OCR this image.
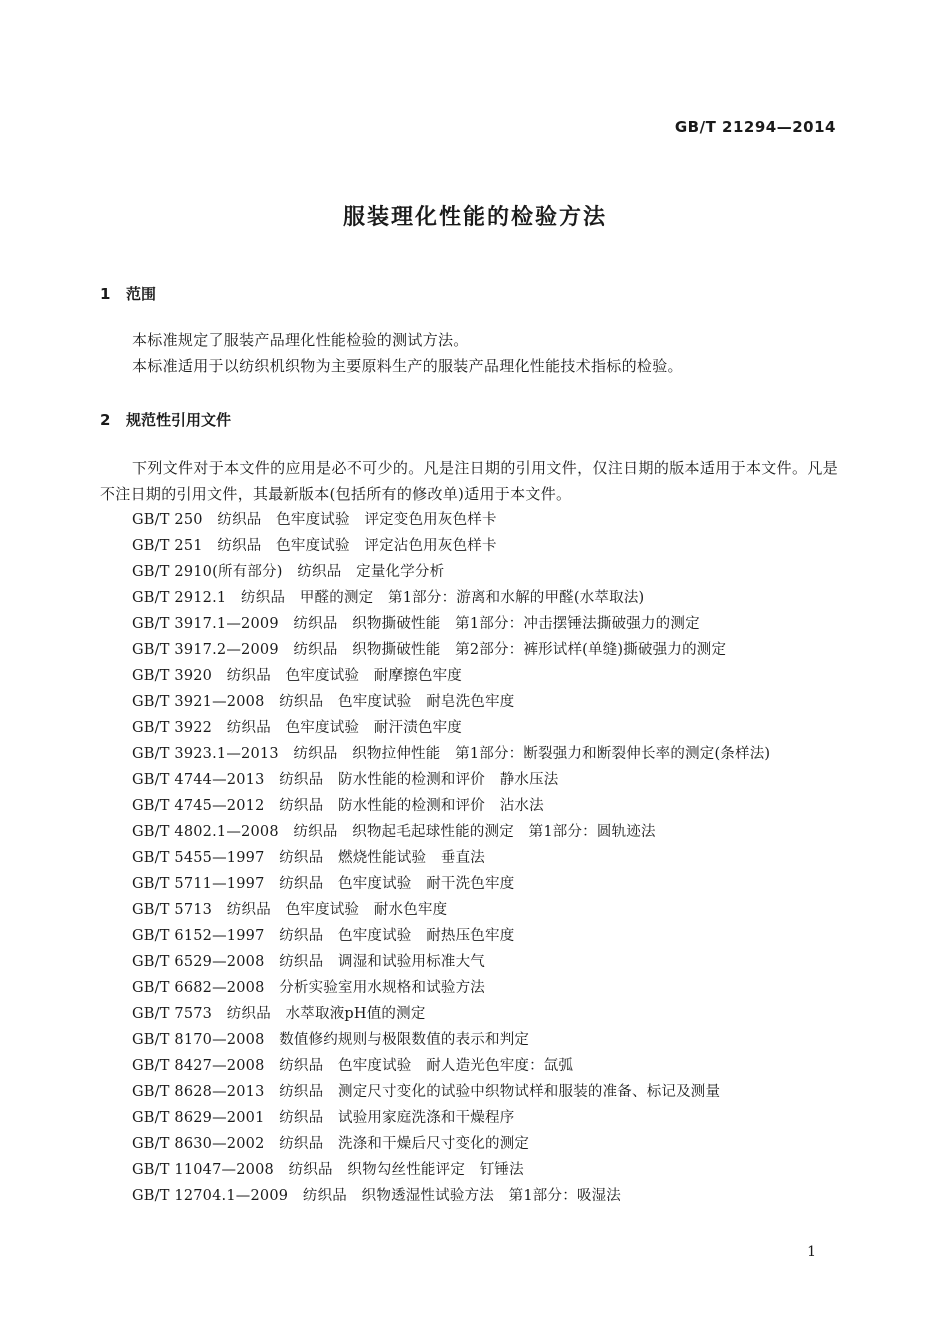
GB/T 21294—2014
服装理化性能的检验方法
1 范围
本标准规定了服装产品理化性能检验的测试方法。
本标准适用于以纺织机织物为主要原料生产的服装产品理化性能技术指标的检验。
2 规范性引用文件
下列文件对于本文件的应用是必不可少的。凡是注日期的引用文件，仅注日期的版本适用于本文件。凡是不注日期的引用文件，其最新版本(包括所有的修改单)适用于本文件。
GB/T 250　纺织品　色牢度试验　评定变色用灰色样卡
GB/T 251　纺织品　色牢度试验　评定沾色用灰色样卡
GB/T 2910(所有部分)　纺织品　定量化学分析
GB/T 2912.1　纺织品　甲醛的测定　第1部分：游离和水解的甲醛(水萃取法)
GB/T 3917.1—2009　纺织品　织物撕破性能　第1部分：冲击摆锤法撕破强力的测定
GB/T 3917.2—2009　纺织品　织物撕破性能　第2部分：裤形试样(单缝)撕破强力的测定
GB/T 3920　纺织品　色牢度试验　耐摩擦色牢度
GB/T 3921—2008　纺织品　色牢度试验　耐皂洗色牢度
GB/T 3922　纺织品　色牢度试验　耐汗渍色牢度
GB/T 3923.1—2013　纺织品　织物拉伸性能　第1部分：断裂强力和断裂伸长率的测定(条样法)
GB/T 4744—2013　纺织品　防水性能的检测和评价　静水压法
GB/T 4745—2012　纺织品　防水性能的检测和评价　沾水法
GB/T 4802.1—2008　纺织品　织物起毛起球性能的测定　第1部分：圆轨迹法
GB/T 5455—1997　纺织品　燃烧性能试验　垂直法
GB/T 5711—1997　纺织品　色牢度试验　耐干洗色牢度
GB/T 5713　纺织品　色牢度试验　耐水色牢度
GB/T 6152—1997　纺织品　色牢度试验　耐热压色牢度
GB/T 6529—2008　纺织品　调湿和试验用标准大气
GB/T 6682—2008　分析实验室用水规格和试验方法
GB/T 7573　纺织品　水萃取液pH值的测定
GB/T 8170—2008　数值修约规则与极限数值的表示和判定
GB/T 8427—2008　纺织品　色牢度试验　耐人造光色牢度：氙弧
GB/T 8628—2013　纺织品　测定尺寸变化的试验中织物试样和服装的准备、标记及测量
GB/T 8629—2001　纺织品　试验用家庭洗涤和干燥程序
GB/T 8630—2002　纺织品　洗涤和干燥后尺寸变化的测定
GB/T 11047—2008　纺织品　织物勾丝性能评定　钉锤法
GB/T 12704.1—2009　纺织品　织物透湿性试验方法　第1部分：吸湿法
1
